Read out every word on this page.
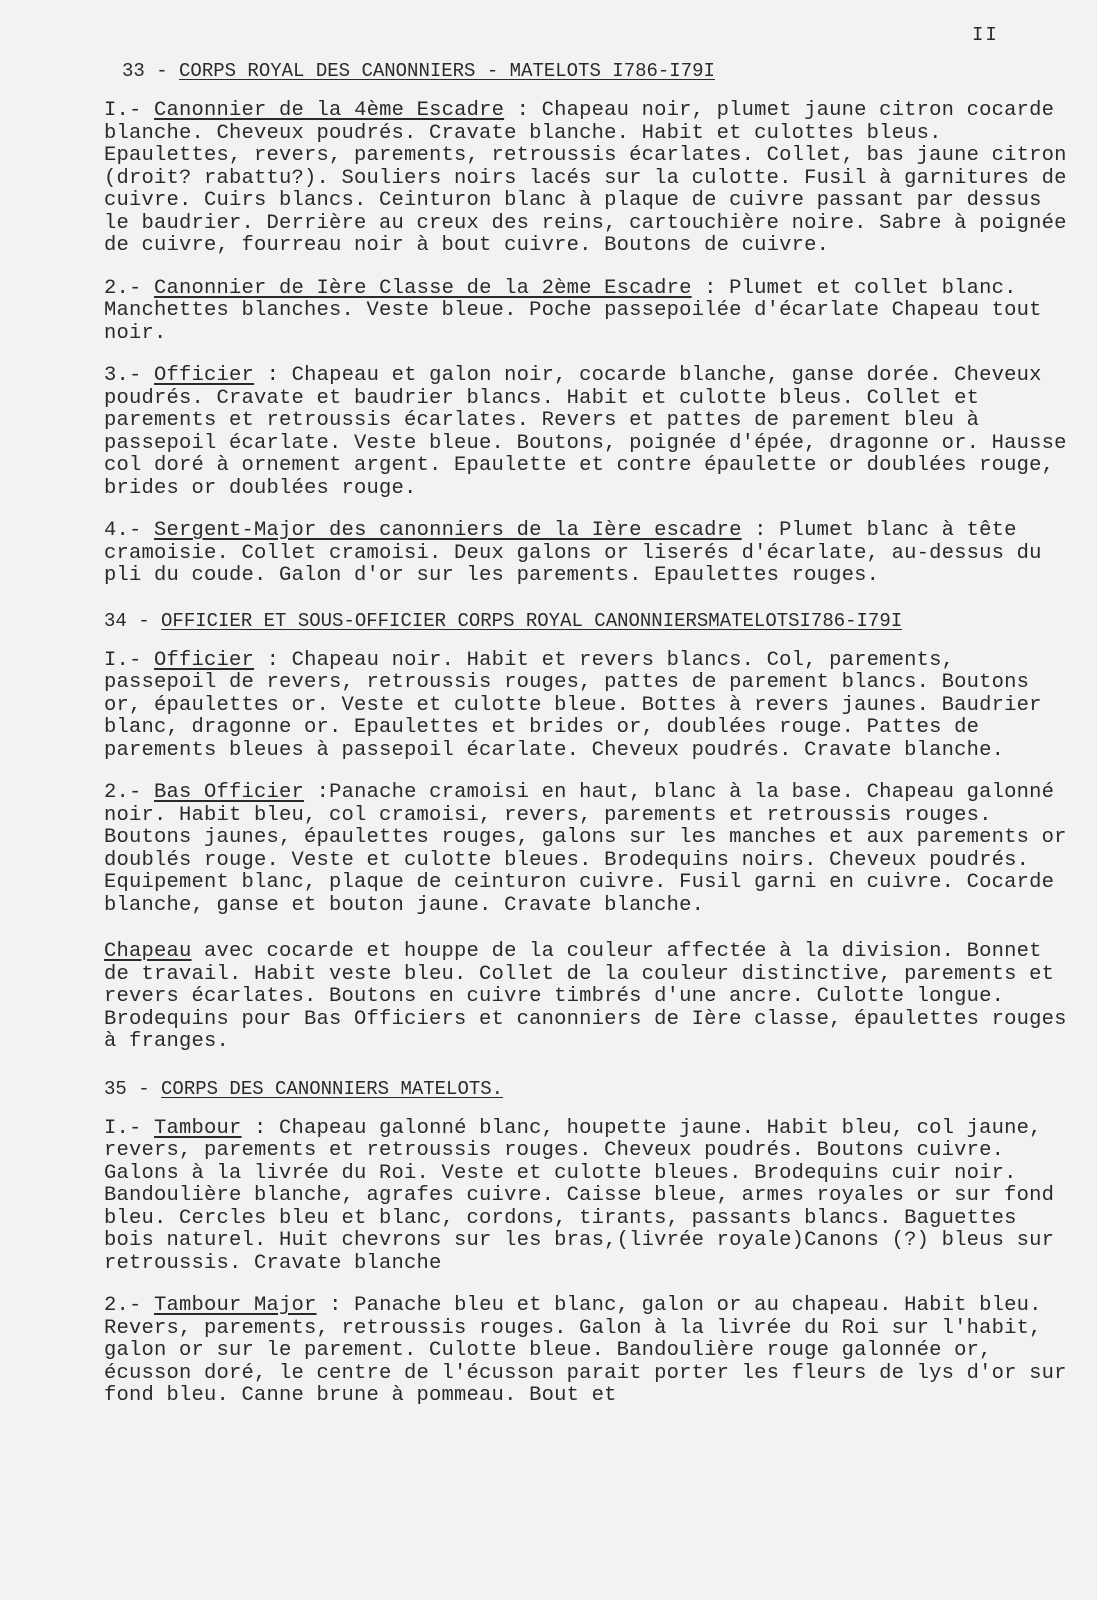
II
33 - CORPS ROYAL DES CANONNIERS - MATELOTS I786-I79I
I.- Canonnier de la 4ème Escadre : Chapeau noir, plumet jaune citron cocarde blanche. Cheveux poudrés. Cravate blanche. Habit et culottes bleus. Epaulettes, revers, parements, retroussis écarlates. Collet, bas jaune citron (droit? rabattu?). Souliers noirs lacés sur la culotte. Fusil à garnitures de cuivre. Cuirs blancs. Ceinturon blanc à plaque de cuivre passant par dessus le baudrier. Derrière au creux des reins, cartouchière noire. Sabre à poignée de cuivre, fourreau noir à bout cuivre. Boutons de cuivre.
2.- Canonnier de Ière Classe de la 2ème Escadre : Plumet et collet blanc. Manchettes blanches. Veste bleue. Poche passepoilée d'écarlate Chapeau tout noir.
3.- Officier : Chapeau et galon noir, cocarde blanche, ganse dorée. Cheveux poudrés. Cravate et baudrier blancs. Habit et culotte bleus. Collet et parements et retroussis écarlates. Revers et pattes de parement bleu à passepoil écarlate. Veste bleue. Boutons, poignée d'épée, dragonne or. Hausse col doré à ornement argent. Epaulette et contre épaulette or doublées rouge, brides or doublées rouge.
4.- Sergent-Major des canonniers de la Ière escadre : Plumet blanc à tête cramoisie. Collet cramoisi. Deux galons or liserés d'écarlate, au-dessus du pli du coude. Galon d'or sur les parements. Epaulettes rouges.
34 - OFFICIER ET SOUS-OFFICIER CORPS ROYAL CANONNIERSMATELOTSI786-I79I
I.- Officier : Chapeau noir. Habit et revers blancs. Col, parements, passepoil de revers, retroussis rouges, pattes de parement blancs. Boutons or, épaulettes or. Veste et culotte bleue. Bottes à revers jaunes. Baudrier blanc, dragonne or. Epaulettes et brides or, doublées rouge. Pattes de parements bleues à passepoil écarlate. Cheveux poudrés. Cravate blanche.
2.- Bas Officier :Panache cramoisi en haut, blanc à la base. Chapeau galonné noir. Habit bleu, col cramoisi, revers, parements et retroussis rouges. Boutons jaunes, épaulettes rouges, galons sur les manches et aux parements or doublés rouge. Veste et culotte bleues. Brodequins noirs. Cheveux poudrés. Equipement blanc, plaque de ceinturon cuivre. Fusil garni en cuivre. Cocarde blanche, ganse et bouton jaune. Cravate blanche.
Chapeau avec cocarde et houppe de la couleur affectée à la division. Bonnet de travail. Habit veste bleu. Collet de la couleur distinctive, parements et revers écarlates. Boutons en cuivre timbrés d'une ancre. Culotte longue. Brodequins pour Bas Officiers et canonniers de Ière classe, épaulettes rouges à franges.
35 - CORPS DES CANONNIERS MATELOTS.
I.- Tambour : Chapeau galonné blanc, houpette jaune. Habit bleu, col jaune, revers, parements et retroussis rouges. Cheveux poudrés. Boutons cuivre. Galons à la livrée du Roi. Veste et culotte bleues. Brodequins cuir noir. Bandoulière blanche, agrafes cuivre. Caisse bleue, armes royales or sur fond bleu. Cercles bleu et blanc, cordons, tirants, passants blancs. Baguettes bois naturel. Huit chevrons sur les bras,(livrée royale)Canons (?) bleus sur retroussis. Cravate blanche
2.- Tambour Major : Panache bleu et blanc, galon or au chapeau. Habit bleu. Revers, parements, retroussis rouges. Galon à la livrée du Roi sur l'habit, galon or sur le parement. Culotte bleue. Bandoulière rouge galonnée or, écusson doré, le centre de l'écusson parait porter les fleurs de lys d'or sur fond bleu. Canne brune à pommeau. Bout et
